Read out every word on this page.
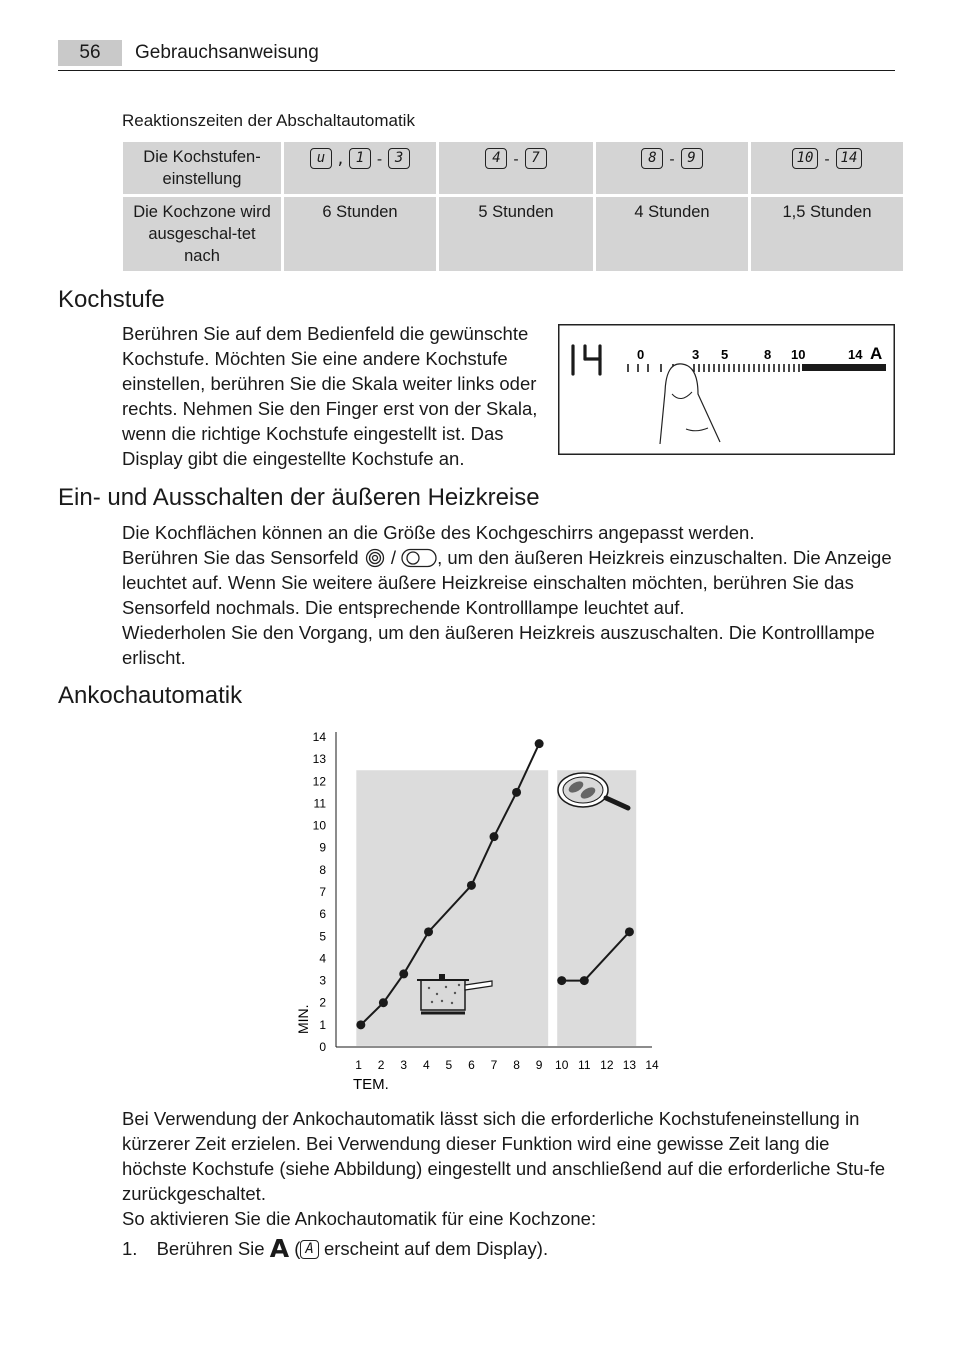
56	Gebrauchsanweisung
Reaktionszeiten der Abschaltautomatik
Die Kochstufen-einstellung	u , 1 - 3	4 - 7	8 - 9	10 - 14

Die Kochzone wird ausgeschal-tet nach	6 Stunden	5 Stunden	4 Stunden	1,5 Stunden
Kochstufe
Berühren Sie auf dem Bedienfeld die gewünschte Kochstufe. Möchten Sie eine andere Kochstufe einstellen, berühren Sie die Skala weiter links oder rechts. Nehmen Sie den Finger erst von der Skala, wenn die richtige Kochstufe eingestellt ist. Das Display gibt die eingestellte Kochstufe an.
0	3 5	8 10	14 A
Ein- und Ausschalten der äußeren Heizkreise

Die Kochflächen können an die Größe des Kochgeschirrs angepasst werden.

Berühren Sie das Sensorfeld / , um den äußeren Heizkreis einzuschalten. Die Anzeige leuchtet auf. Wenn Sie weitere äußere Heizkreise einschalten möchten, berühren Sie das Sensorfeld nochmals. Die entsprechende Kontrolllampe leuchtet auf.

Wiederholen Sie den Vorgang, um den äußeren Heizkreis auszuschalten. Die Kontrolllampe erlischt.

Ankochautomatik
0
1
2
3
4
5
6
7
8
9
10
11
12
13
14
1 2 3 4 5 6 7 8 9 10 11 12 13 14
MIN.
TEM.

Bei Verwendung der Ankochautomatik lässt sich die erforderliche Kochstufeneinstellung in kürzerer Zeit erzielen. Bei Verwendung dieser Funktion wird eine gewisse Zeit lang die höchste Kochstufe (siehe Abbildung) eingestellt und anschließend auf die erforderliche Stu-fe zurückgeschaltet.

So aktivieren Sie die Ankochautomatik für eine Kochzone:

1. Berühren Sie A ( A erscheint auf dem Display).
